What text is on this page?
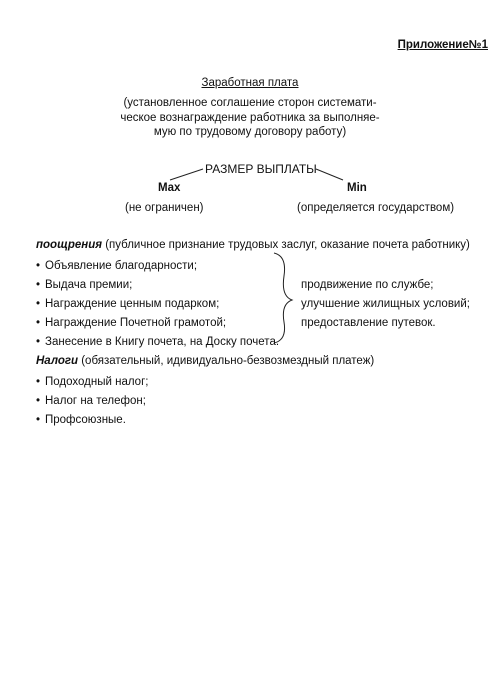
Приложение№1
Заработная плата
(установленное соглашение сторон системати-
ческое вознаграждение работника за выполняе-
мую по трудовому договору работу)
РАЗМЕР ВЫПЛАТЫ
Max	Min
(не ограничен)	(определяется государством)
поощрения (публичное признание трудовых заслуг, оказание почета работнику)
• Объявление благодарности;
• Выдача премии;
• Награждение ценным подарком;
• Награждение Почетной грамотой;
• Занесение в Книгу почета, на Доску почета.
продвижение по службе;
улучшение жилищных условий;
предоставление путевок.
Налоги (обязательный, идивидуально-безвозмездный платеж)
• Подоходный налог;
• Налог на телефон;
• Профсоюзные.
